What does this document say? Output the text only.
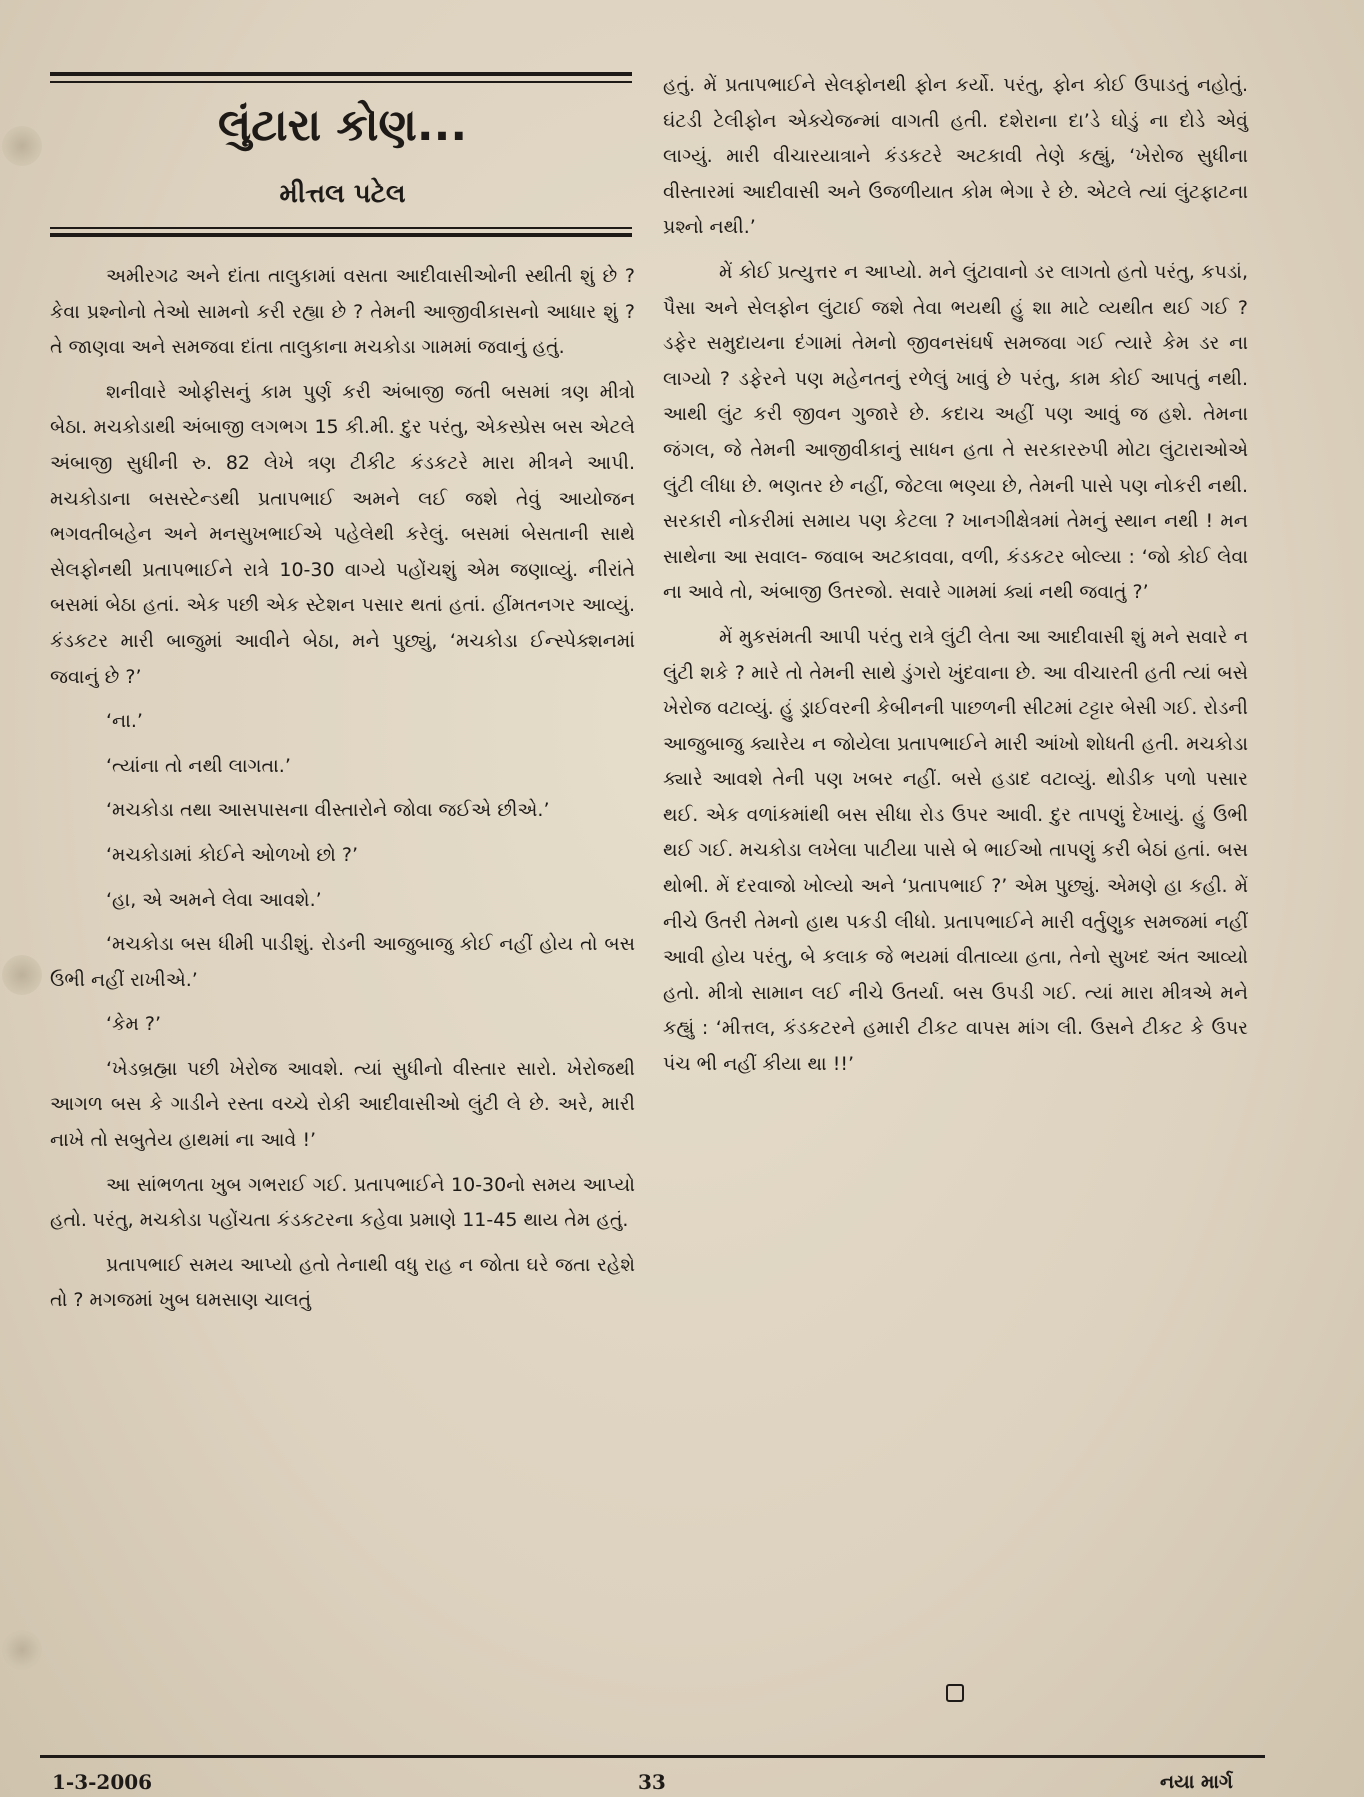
લુંટારા કોણ...
મીત્તલ પટેલ

અમીરગઢ અને દાંતા તાલુકામાં વસતા આદીવાસીઓની સ્થીતી શું છે ? કેવા પ્રશ્નોનો તેઓ સામનો કરી રહ્યા છે ? તેમની આજીવીકાસનો આધાર શું ? તે જાણવા અને સમજવા દાંતા તાલુકાના મચકોડા ગામમાં જવાનું હતું.

શનીવારે ઓફીસનું કામ પુર્ણ કરી અંબાજી જતી બસમાં ત્રણ મીત્રો બેઠા. મચકોડાથી અંબાજી લગભગ 15 કી.મી. દુર પરંતુ, એકસ્પ્રેસ બસ એટલે અંબાજી સુધીની રુ. 82 લેખે ત્રણ ટીકીટ કંડકટરે મારા મીત્રને આપી. મચકોડાના બસસ્ટેન્ડથી પ્રતાપભાઈ અમને લઈ જશે તેવું આયોજન ભગવતીબહેન અને મનસુખભાઈએ પહેલેથી કરેલું. બસમાં બેસતાની સાથે સેલફોનથી પ્રતાપભાઈને રાત્રે 10-30 વાગ્યે પહોંચશું એમ જણાવ્યું. નીરાંતે બસમાં બેઠા હતાં. એક પછી એક સ્ટેશન પસાર થતાં હતાં. હીંમતનગર આવ્યું. કંડકટર મારી બાજુમાં આવીને બેઠા, મને પુછ્યું, ‘મચકોડા ઈન્સ્પેક્શનમાં જવાનું છે ?’

‘ના.’

‘ત્યાંના તો નથી લાગતા.’

‘મચકોડા તથા આસપાસના વીસ્તારોને જોવા જઈએ છીએ.’

‘મચકોડામાં કોઈને ઓળખો છો ?’

‘હા, એ અમને લેવા આવશે.’

‘મચકોડા બસ ધીમી પાડીશું. રોડની આજુબાજુ કોઈ નહીં હોય તો બસ ઉભી નહીં રાખીએ.’

‘કેમ ?’

‘ખેડબ્રહ્મા પછી ખેરોજ આવશે. ત્યાં સુધીનો વીસ્તાર સારો. ખેરોજથી આગળ બસ કે ગાડીને રસ્તા વચ્ચે રોકી આદીવાસીઓ લુંટી લે છે. અરે, મારી નાખે તો સબુતેય હાથમાં ના આવે !’

આ સાંભળતા ખુબ ગભરાઈ ગઈ. પ્રતાપભાઈને 10-30નો સમય આપ્યો હતો. પરંતુ, મચકોડા પહોંચતા કંડકટરના કહેવા પ્રમાણે 11-45 થાય તેમ હતું.

પ્રતાપભાઈ સમય આપ્યો હતો તેનાથી વધુ રાહ ન જોતા ઘરે જતા રહેશે તો ? મગજમાં ખુબ ઘમસાણ ચાલતું

હતું. મેં પ્રતાપભાઈને સેલફોનથી ફોન કર્યો. પરંતુ, ફોન કોઈ ઉપાડતું નહોતું. ઘંટડી ટેલીફોન એક્ચેજન્માં વાગતી હતી. દશેરાના દા’ડે ઘોડું ના દોડે એવું લાગ્યું. મારી વીચારયાત્રાને કંડકટરે અટકાવી તેણે કહ્યું, ‘ખેરોજ સુધીના વીસ્તારમાં આદીવાસી અને ઉજળીયાત કોમ ભેગા રે છે. એટલે ત્યાં લુંટફાટના પ્રશ્નો નથી.’

મેં કોઈ પ્રત્યુત્તર ન આપ્યો. મને લુંટાવાનો ડર લાગતો હતો પરંતુ, કપડાં, પૈસા અને સેલફોન લુંટાઈ જશે તેવા ભયથી હું શા માટે વ્યથીત થઈ ગઈ ? ડફેર સમુદાયના દંગામાં તેમનો જીવનસંઘર્ષ સમજવા ગઈ ત્યારે કેમ ડર ના લાગ્યો ? ડફેરને પણ મહેનતનું રળેલું ખાવું છે પરંતુ, કામ કોઈ આપતું નથી. આથી લુંટ કરી જીવન ગુજારે છે. કદાચ અહીં પણ આવું જ હશે. તેમના જંગલ, જે તેમની આજીવીકાનું સાધન હતા તે સરકારરુપી મોટા લુંટારાઓએ લુંટી લીધા છે. ભણતર છે નહીં, જેટલા ભણ્યા છે, તેમની પાસે પણ નોકરી નથી. સરકારી નોકરીમાં સમાય પણ કેટલા ? ખાનગીક્ષેત્રમાં તેમનું સ્થાન નથી ! મન સાથેના આ સવાલ- જવાબ અટકાવવા, વળી, કંડકટર બોલ્યા : ‘જો કોઈ લેવા ના આવે તો, અંબાજી ઉતરજો. સવારે ગામમાં ક્યાં નથી જવાતું ?’

મેં મુકસંમતી આપી પરંતુ રાત્રે લુંટી લેતા આ આદીવાસી શું મને સવારે ન લુંટી શકે ? મારે તો તેમની સાથે ડુંગરો ખુંદવાના છે. આ વીચારતી હતી ત્યાં બસે ખેરોજ વટાવ્યું. હું ડ્રાઈવરની કેબીનની પાછળની સીટમાં ટટ્ટાર બેસી ગઈ. રોડની આજુબાજુ ક્યારેય ન જોયેલા પ્રતાપભાઈને મારી આંખો શોધતી હતી. મચકોડા ક્યારે આવશે તેની પણ ખબર નહીં. બસે હડાદ વટાવ્યું. થોડીક પળો પસાર થઈ. એક વળાંકમાંથી બસ સીધા રોડ ઉપર આવી. દુર તાપણું દેખાયું. હું ઉભી થઈ ગઈ. મચકોડા લખેલા પાટીયા પાસે બે ભાઈઓ તાપણું કરી બેઠાં હતાં. બસ થોભી. મેં દરવાજો ખોલ્યો અને ‘પ્રતાપભાઈ ?’ એમ પુછ્યું. એમણે હા કહી. મેં નીચે ઉતરી તેમનો હાથ પકડી લીધો. પ્રતાપભાઈને મારી વર્તુણુક સમજમાં નહીં આવી હોય પરંતુ, બે કલાક જે ભયમાં વીતાવ્યા હતા, તેનો સુખદ અંત આવ્યો હતો. મીત્રો સામાન લઈ નીચે ઉતર્યા. બસ ઉપડી ગઈ. ત્યાં મારા મીત્રએ મને કહ્યું : ‘મીત્તલ, કંડકટરને હમારી ટીકટ વાપસ માંગ લી. ઉસને ટીકટ કે ઉપર પંચ ભી નહીં કીયા થા !!’

1-3-2006	33	નયા માર્ગ
